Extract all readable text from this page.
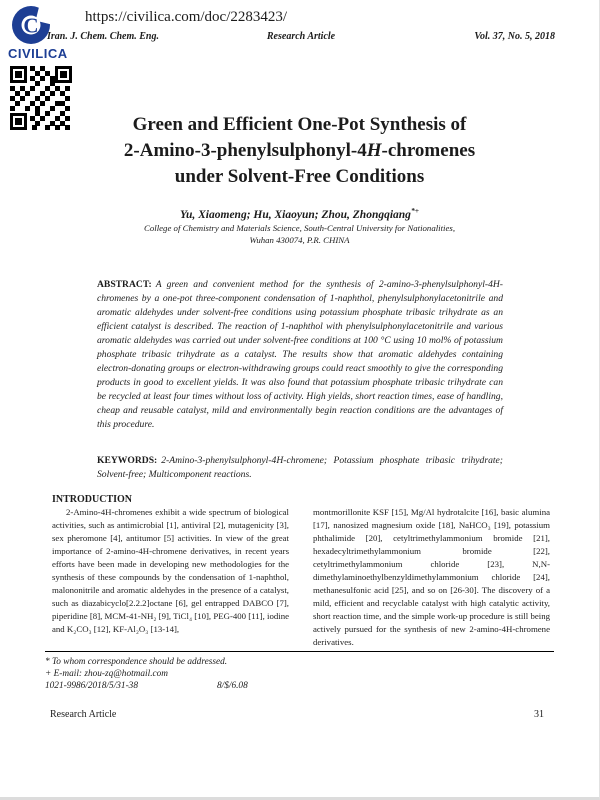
C
CIVILICA
https://civilica.com/doc/2283423/
Iran. J. Chem. Chem. Eng.	Research Article	Vol. 37, No. 5, 2018
Green and Efficient One-Pot Synthesis of
2-Amino-3-phenylsulphonyl-4H-chromenes
under Solvent-Free Conditions
Yu, Xiaomeng; Hu, Xiaoyun; Zhou, Zhongqiang*+
College of Chemistry and Materials Science, South-Central University for Nationalities,
Wuhan 430074, P.R. CHINA

ABSTRACT: A green and convenient method for the synthesis of 2-amino-3-phenylsulphonyl-4H-chromenes by a one-pot three-component condensation of 1-naphthol, phenylsulphonylacetonitrile and aromatic aldehydes under solvent-free conditions using potassium phosphate tribasic trihydrate as an efficient catalyst is described. The reaction of 1-naphthol with phenylsulphonylacetonitrile and various aromatic aldehydes was carried out under solvent-free conditions at 100 °C using 10 mol% of potassium phosphate tribasic trihydrate as a catalyst. The results show that aromatic aldehydes containing electron-donating groups or electron-withdrawing groups could react smoothly to give the corresponding products in good to excellent yields. It was also found that potassium phosphate tribasic trihydrate can be recycled at least four times without loss of activity. High yields, short reaction times, ease of handling, cheap and reusable catalyst, mild and environmentally begin reaction conditions are the advantages of this procedure.

KEYWORDS: 2-Amino-3-phenylsulphonyl-4H-chromene; Potassium phosphate tribasic trihydrate; Solvent-free; Multicomponent reactions.

INTRODUCTION

2-Amino-4H-chromenes exhibit a wide spectrum of biological activities, such as antimicrobial [1], antiviral [2], mutagenicity [3], sex pheromone [4], antitumor [5] activities. In view of the great importance of 2-amino-4H-chromene derivatives, in recent years efforts have been made in developing new methodologies for the synthesis of these compounds by the condensation of 1-naphthol, malononitrile and aromatic aldehydes in the presence of a catalyst, such as diazabicyclo[2.2.2]octane [6], gel entrapped DABCO [7], piperidine [8], MCM-41-NH₂ [9], TiCl₄ [10], PEG-400 [11], iodine and K₂CO₃ [12], KF-Al₂O₃ [13-14],

montmorillonite KSF [15], Mg/Al hydrotalcite [16], basic alumina [17], nanosized magnesium oxide [18], NaHCO₃ [19], potassium phthalimide [20], cetyltrimethylammonium bromide [21], hexadecyltrimethylammonium bromide [22], cetyltrimethylammonium chloride [23], N,N-dimethylaminoethylbenzyldimethylammonium chloride [24], methanesulfonic acid [25], and so on [26-30]. The discovery of a mild, efficient and recyclable catalyst with high catalytic activity, short reaction time, and the simple work-up procedure is still being actively pursued for the synthesis of new 2-amino-4H-chromene derivatives.

* To whom correspondence should be addressed.
+ E-mail: zhou-zq@hotmail.com
1021-9986/2018/5/31-38	8/$/6.08
Research Article	31
